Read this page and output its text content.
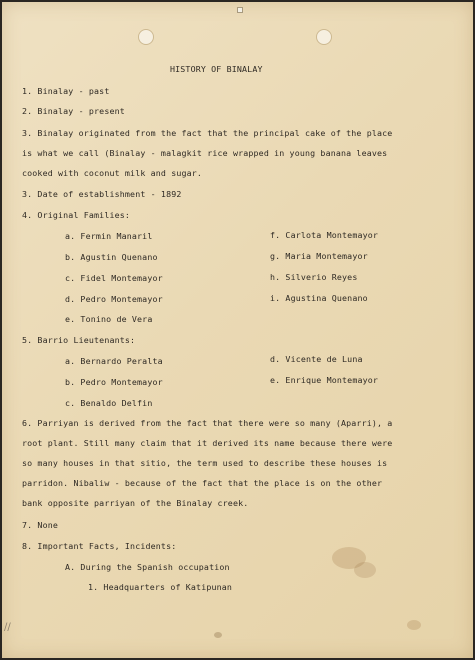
HISTORY OF BINALAY
1. Binalay - past
2. Binalay - present
3. Binalay originated from the fact that the principal cake of the place
is what we call (Binalay - malagkit rice wrapped in young banana leaves
cooked with coconut milk and sugar.
3. Date of establishment - 1892
4. Original Families:
a. Fermin Manaril
b. Agustin Quenano
c. Fidel Montemayor
d. Pedro Montemayor
e. Tonino de Vera
f. Carlota Montemayor
g. Maria Montemayor
h. Silverio Reyes
i. Agustina Quenano
5. Barrio Lieutenants:
a. Bernardo Peralta
b. Pedro Montemayor
c. Benaldo Delfin
d. Vicente de Luna
e. Enrique Montemayor
6. Parriyan is derived from the fact that there were so many (Aparri), a
root plant. Still many claim that it derived its name because there were
so many houses in that sitio, the term used to describe these houses is
parridon. Nibaliw - because of the fact that the place is on the other
bank opposite parriyan of the Binalay creek.
7. None
8. Important Facts, Incidents:
A. During the Spanish occupation
1. Headquarters of Katipunan
//
